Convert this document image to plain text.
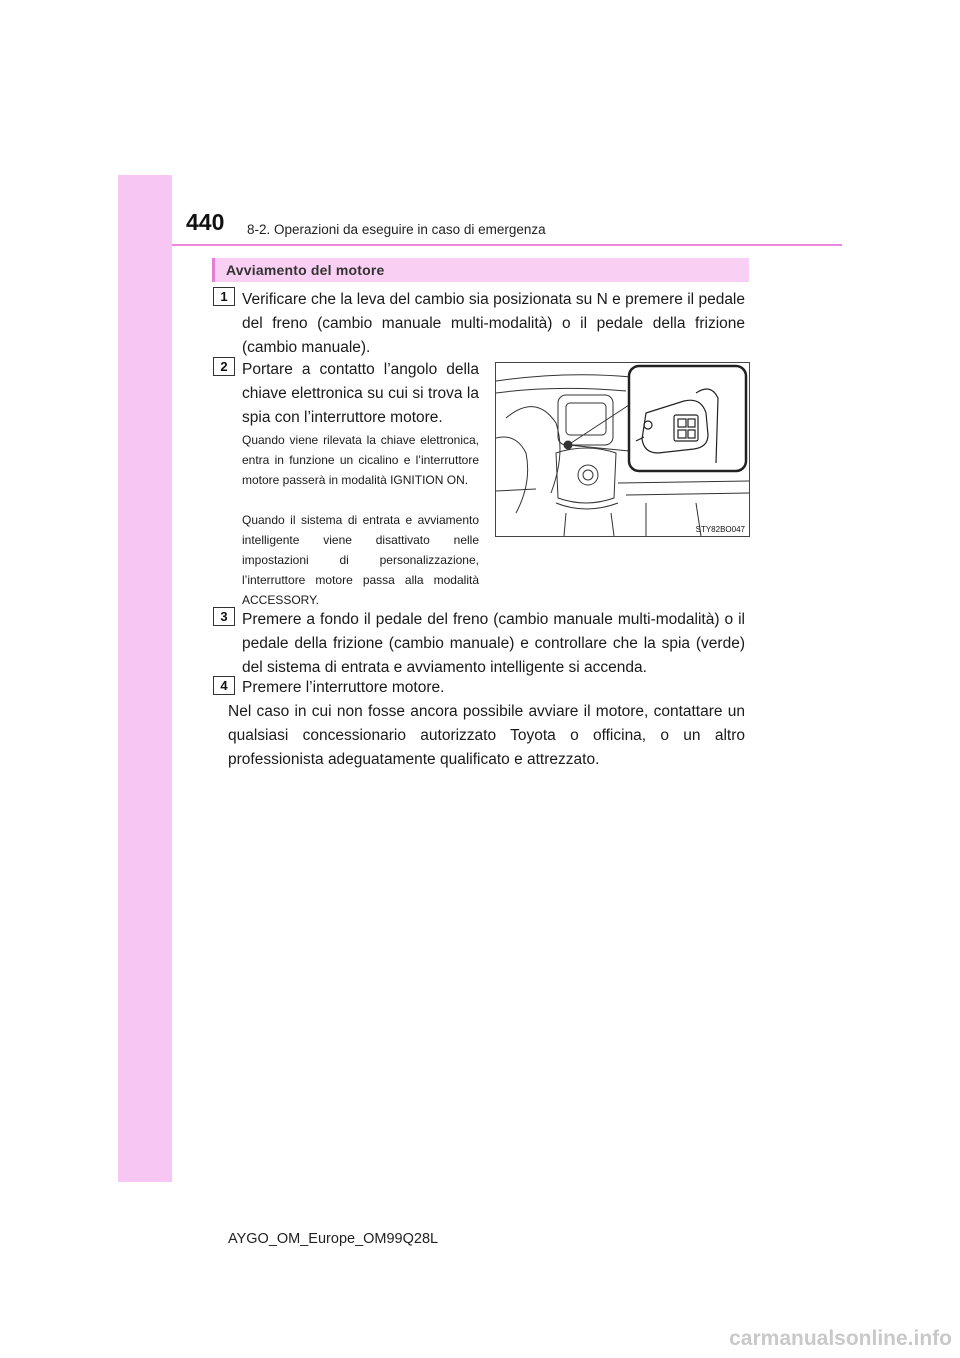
440 8-2. Operazioni da eseguire in caso di emergenza
Avviamento del motore
1 Verificare che la leva del cambio sia posizionata su N e premere il pedale del freno (cambio manuale multi-modalità) o il pedale della frizione (cambio manuale).
2 Portare a contatto l’angolo della chiave elettronica su cui si trova la spia con l’interruttore motore.
Quando viene rilevata la chiave elettronica, entra in funzione un cicalino e l’interruttore motore passerà in modalità IGNITION ON.
Quando il sistema di entrata e avviamento intelligente viene disattivato nelle impostazioni di personalizzazione, l’interruttore motore passa alla modalità ACCESSORY.
STY82BO047
3 Premere a fondo il pedale del freno (cambio manuale multi-modalità) o il pedale della frizione (cambio manuale) e controllare che la spia (verde) del sistema di entrata e avviamento intelligente si accenda.
4 Premere l’interruttore motore.
Nel caso in cui non fosse ancora possibile avviare il motore, contattare un qualsiasi concessionario autorizzato Toyota o officina, o un altro professionista adeguatamente qualificato e attrezzato.
AYGO_OM_Europe_OM99Q28L
carmanualsonline.info
